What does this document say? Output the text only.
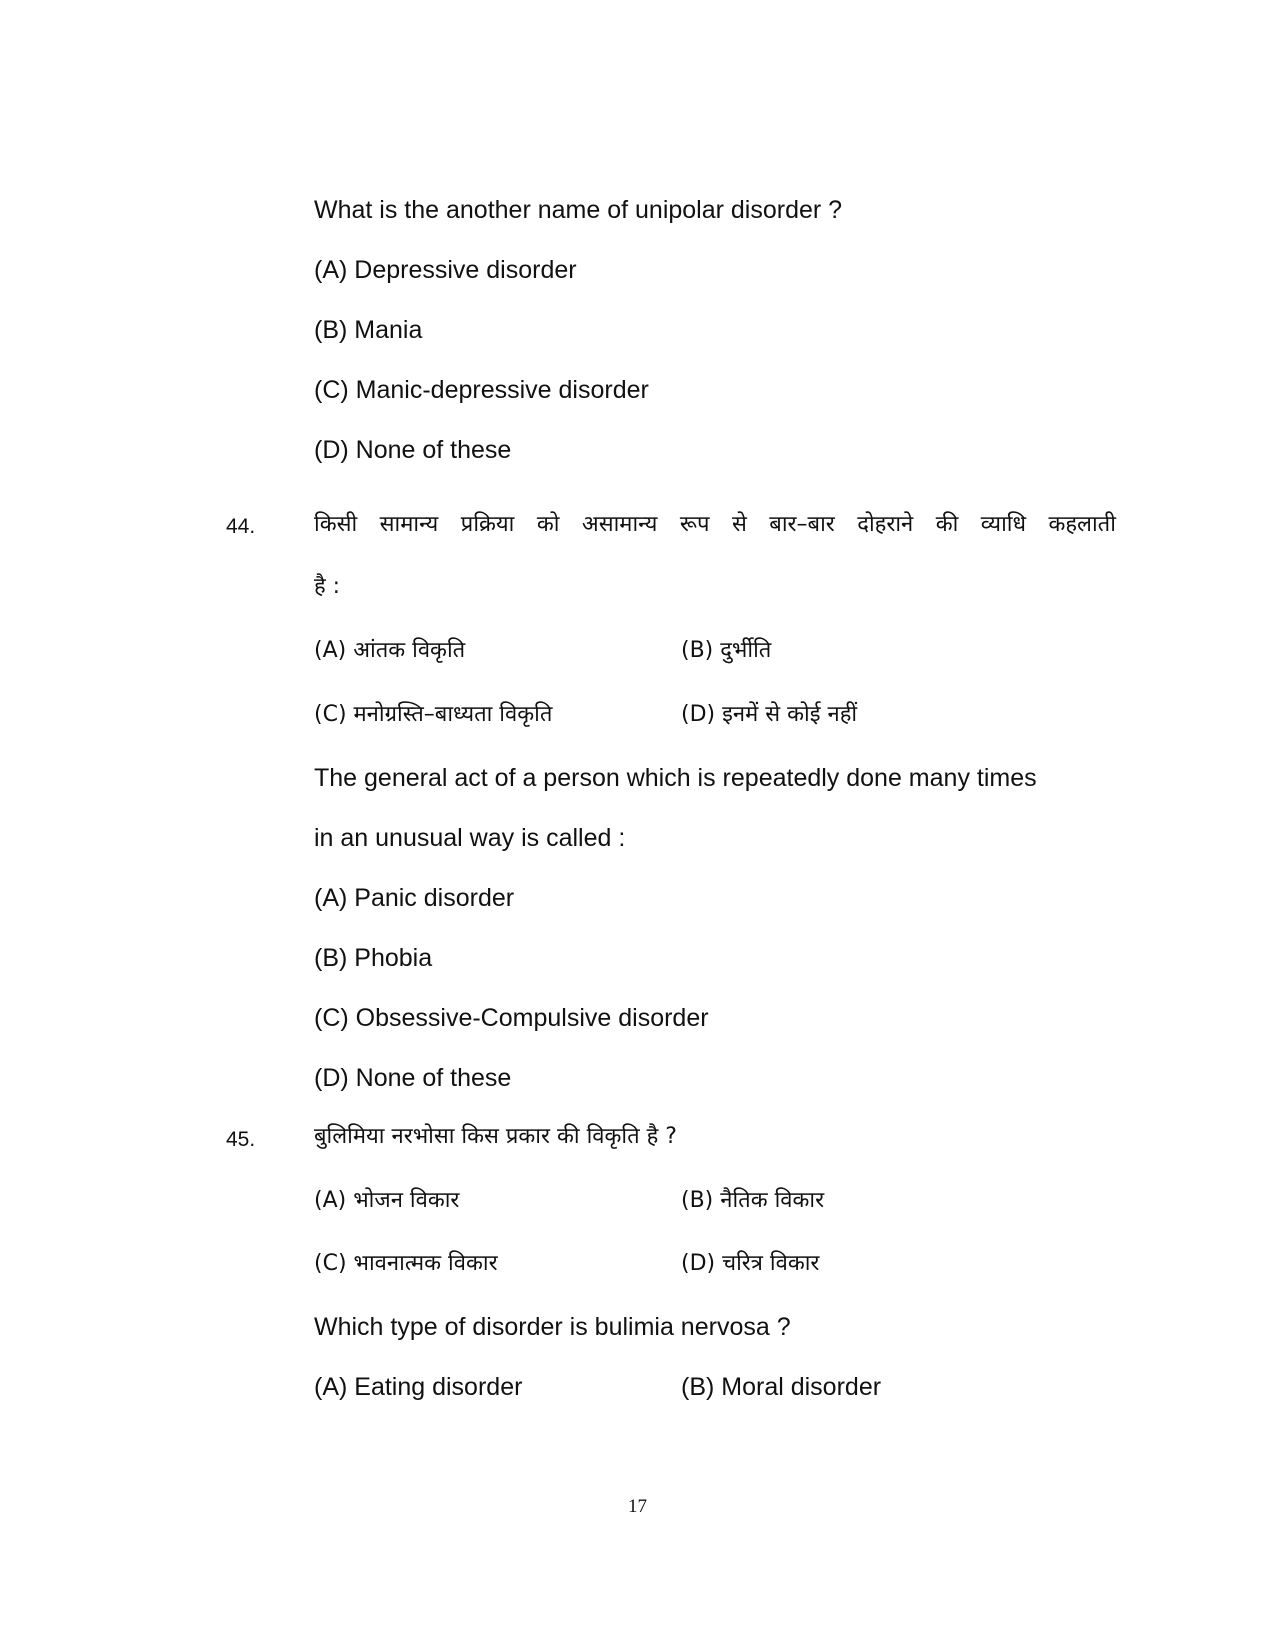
What is the another name of unipolar disorder ?
(A) Depressive disorder
(B) Mania
(C) Manic-depressive disorder
(D) None of these
44.	किसी सामान्य प्रक्रिया को असामान्य रूप से बार–बार दोहराने की व्याधि कहलाती
है :
(A) आंतक विकृति	(B) दुर्भीति
(C) मनोग्रस्ति–बाध्यता विकृति	(D) इनमें से कोई नहीं
The general act of a person which is repeatedly done many times
in an unusual way is called :
(A) Panic disorder
(B) Phobia
(C) Obsessive-Compulsive disorder
(D) None of these
45.	बुलिमिया नरभोसा किस प्रकार की विकृति है ?
(A) भोजन विकार	(B) नैतिक विकार
(C) भावनात्मक विकार	(D) चरित्र विकार
Which type of disorder is bulimia nervosa ?
(A) Eating disorder	(B) Moral disorder
17
